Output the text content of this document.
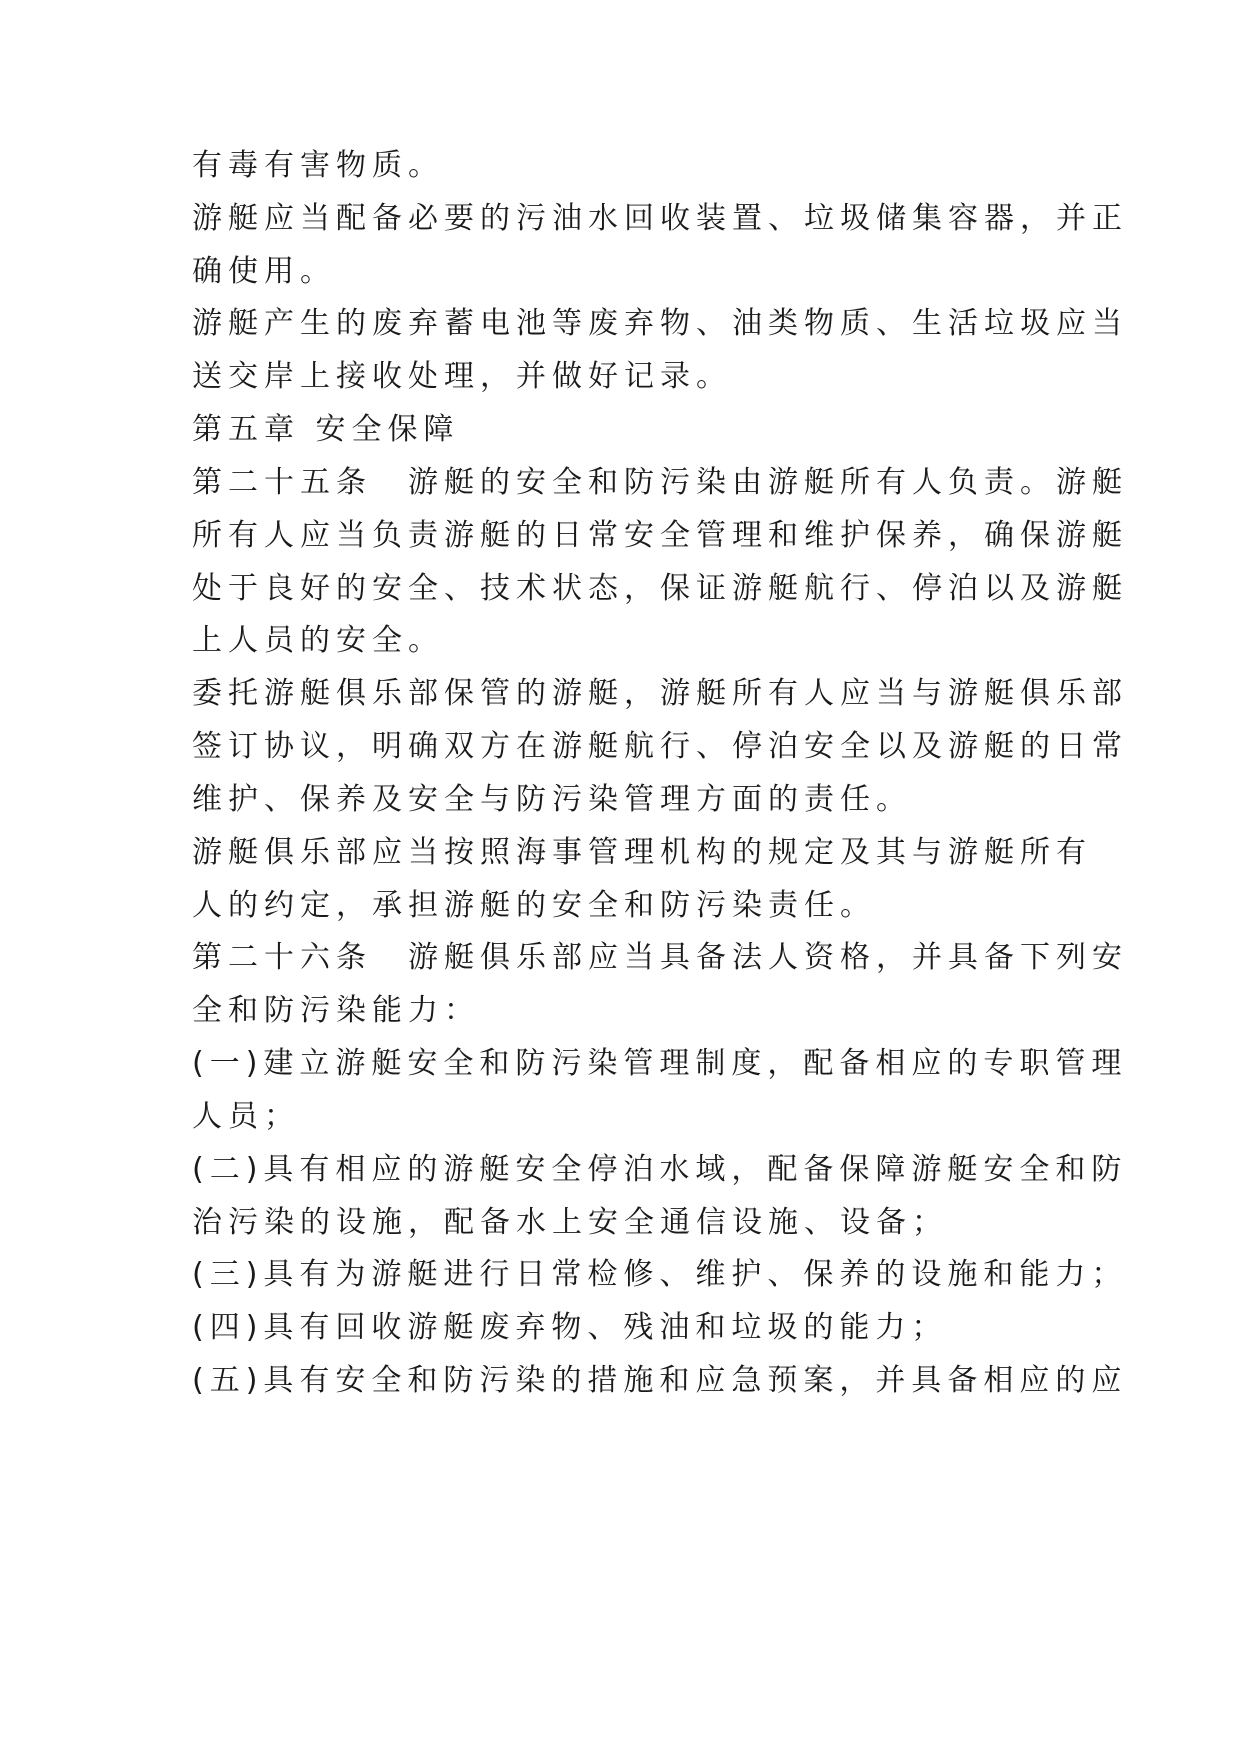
有毒有害物质。
游艇应当配备必要的污油水回收装置、垃圾储集容器，并正
确使用。
游艇产生的废弃蓄电池等废弃物、油类物质、生活垃圾应当
送交岸上接收处理，并做好记录。
第五章 安全保障
第二十五条　游艇的安全和防污染由游艇所有人负责。游艇
所有人应当负责游艇的日常安全管理和维护保养，确保游艇
处于良好的安全、技术状态，保证游艇航行、停泊以及游艇
上人员的安全。
委托游艇俱乐部保管的游艇，游艇所有人应当与游艇俱乐部
签订协议，明确双方在游艇航行、停泊安全以及游艇的日常
维护、保养及安全与防污染管理方面的责任。
游艇俱乐部应当按照海事管理机构的规定及其与游艇所有
人的约定，承担游艇的安全和防污染责任。
第二十六条　游艇俱乐部应当具备法人资格，并具备下列安
全和防污染能力：
(一)建立游艇安全和防污染管理制度，配备相应的专职管理
人员；
(二)具有相应的游艇安全停泊水域，配备保障游艇安全和防
治污染的设施，配备水上安全通信设施、设备；
(三)具有为游艇进行日常检修、维护、保养的设施和能力；
(四)具有回收游艇废弃物、残油和垃圾的能力；
(五)具有安全和防污染的措施和应急预案，并具备相应的应
